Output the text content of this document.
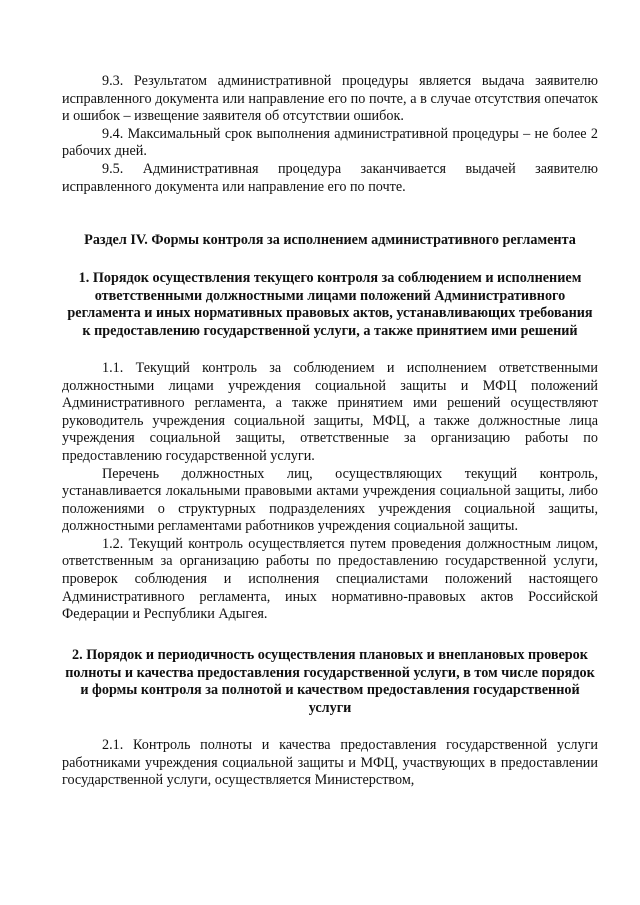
9.3. Результатом административной процедуры является выдача заявителю исправленного документа или направление его по почте, а в случае отсутствия опечаток и ошибок – извещение заявителя об отсутствии ошибок.

9.4. Максимальный срок выполнения административной процедуры – не более 2 рабочих дней.

9.5. Административная процедура заканчивается выдачей заявителю исправленного документа или направление его по почте.

Раздел IV. Формы контроля за исполнением административного регламента
1. Порядок осуществления текущего контроля за соблюдением и исполнением ответственными должностными лицами положений Административного регламента и иных нормативных правовых актов, устанавливающих требования к предоставлению государственной услуги, а также принятием ими решений

1.1. Текущий контроль за соблюдением и исполнением ответственными должностными лицами учреждения социальной защиты и МФЦ положений Административного регламента, а также принятием ими решений осуществляют руководитель учреждения социальной защиты, МФЦ, а также должностные лица учреждения социальной защиты, ответственные за организацию работы по предоставлению государственной услуги.

Перечень должностных лиц, осуществляющих текущий контроль, устанавливается локальными правовыми актами учреждения социальной защиты, либо положениями о структурных подразделениях учреждения социальной защиты, должностными регламентами работников учреждения социальной защиты.

1.2. Текущий контроль осуществляется путем проведения должностным лицом, ответственным за организацию работы по предоставлению государственной услуги, проверок соблюдения и исполнения специалистами положений настоящего Административного регламента, иных нормативно-правовых актов Российской Федерации и Республики Адыгея.

2. Порядок и периодичность осуществления плановых и внеплановых проверок полноты и качества предоставления государственной услуги, в том числе порядок и формы контроля за полнотой и качеством предоставления государственной услуги

2.1. Контроль полноты и качества предоставления государственной услуги работниками учреждения социальной защиты и МФЦ, участвующих в предоставлении государственной услуги, осуществляется Министерством,
